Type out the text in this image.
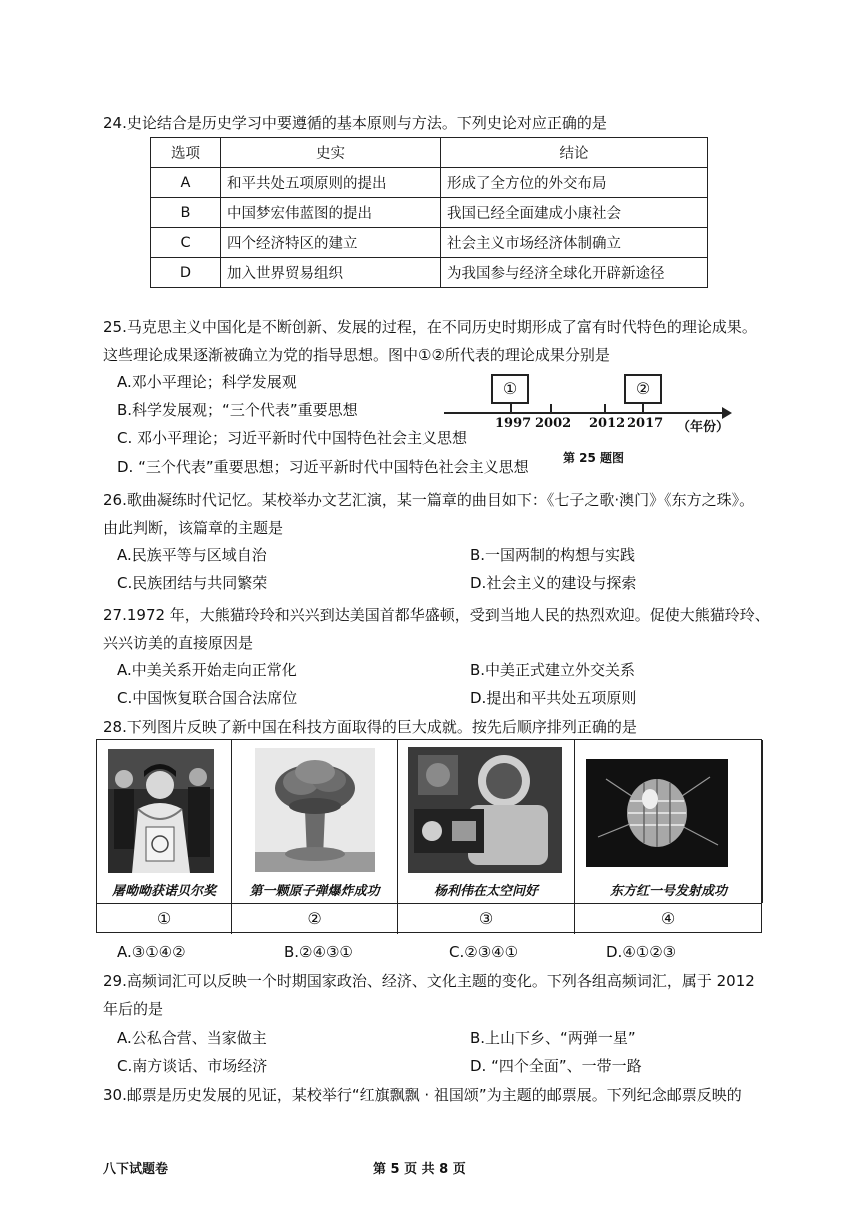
24.史论结合是历史学习中要遵循的基本原则与方法。下列史论对应正确的是
选项	史实	结论
A	和平共处五项原则的提出	形成了全方位的外交布局
B	中国梦宏伟蓝图的提出	我国已经全面建成小康社会
C	四个经济特区的建立	社会主义市场经济体制确立
D	加入世界贸易组织	为我国参与经济全球化开辟新途径
25.马克思主义中国化是不断创新、发展的过程，在不同历史时期形成了富有时代特色的理论成果。
这些理论成果逐渐被确立为党的指导思想。图中①②所代表的理论成果分别是
A.邓小平理论；科学发展观
B.科学发展观；“三个代表”重要思想
C. 邓小平理论；习近平新时代中国特色社会主义思想
D. “三个代表”重要思想；习近平新时代中国特色社会主义思想
①	②
1997 2002 2012 2017 （年份）
第 25 题图
26.歌曲凝练时代记忆。某校举办文艺汇演，某一篇章的曲目如下：《七子之歌·澳门》《东方之珠》。
由此判断，该篇章的主题是
A.民族平等与区域自治	B.一国两制的构想与实践
C.民族团结与共同繁荣	D.社会主义的建设与探索
27.1972 年，大熊猫玲玲和兴兴到达美国首都华盛顿，受到当地人民的热烈欢迎。促使大熊猫玲玲、
兴兴访美的直接原因是
A.中美关系开始走向正常化	B.中美正式建立外交关系
C.中国恢复联合国合法席位	D.提出和平共处五项原则
28.下列图片反映了新中国在科技方面取得的巨大成就。按先后顺序排列正确的是
屠呦呦获诺贝尔奖	第一颗原子弹爆炸成功	杨利伟在太空问好	东方红一号发射成功
①	②	③	④
A.③①④②	B.②④③①	C.②③④①	D.④①②③
29.高频词汇可以反映一个时期国家政治、经济、文化主题的变化。下列各组高频词汇，属于 2012
年后的是
A.公私合营、当家做主	B.上山下乡、“两弹一星”
C.南方谈话、市场经济	D. “四个全面”、一带一路
30.邮票是历史发展的见证，某校举行“红旗飘飘 · 祖国颂”为主题的邮票展。下列纪念邮票反映的
八下试题卷	第 5 页 共 8 页
